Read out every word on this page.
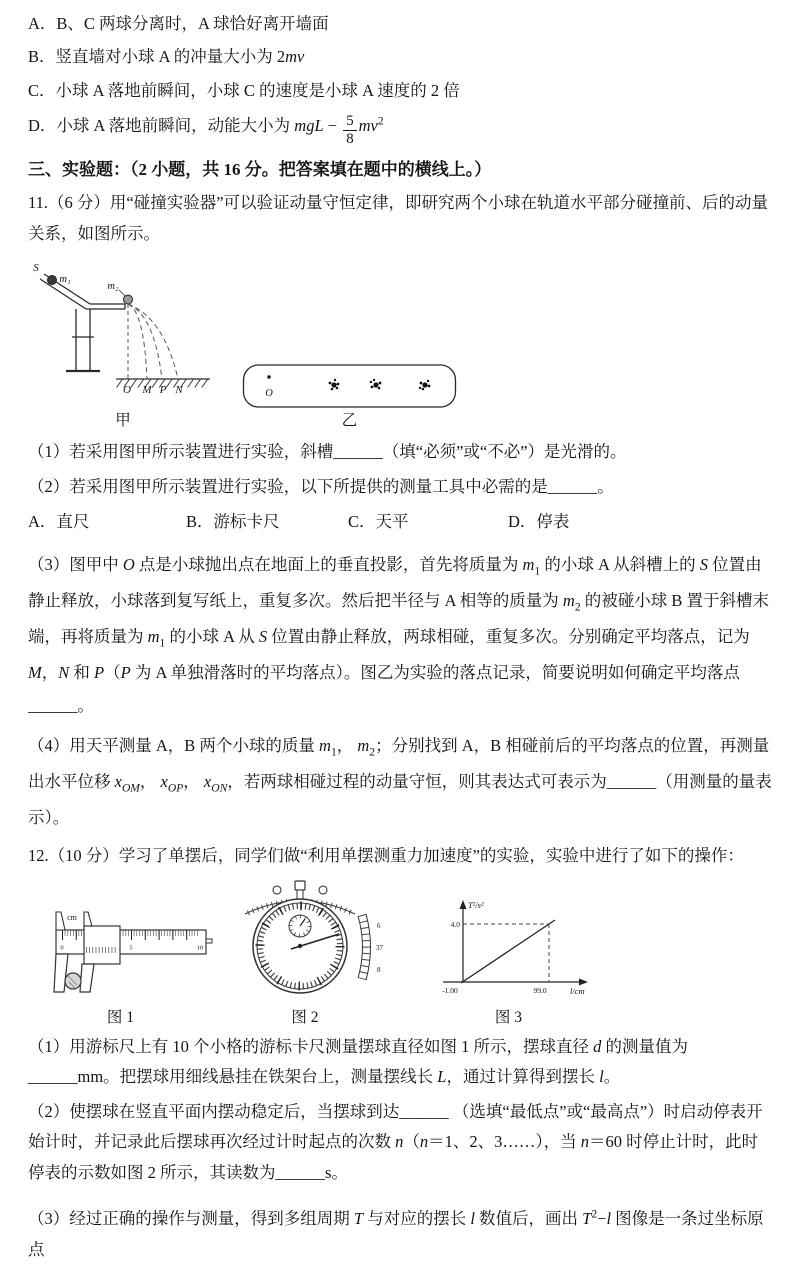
A．B、C 两球分离时，A 球恰好离开墙面

B．竖直墙对小球 A 的冲量大小为 2mv

C．小球 A 落地前瞬间，小球 C 的速度是小球 A 速度的 2 倍

D．小球 A 落地前瞬间，动能大小为 mgL − $\frac{5}{8} mv^2$

三、实验题：（2 小题，共 16 分。把答案填在题中的横线上。）

11.（6 分）用“碰撞实验器”可以验证动量守恒定律，即研究两个小球在轨道水平部分碰撞前、后的动量关系，如图所示。

S
m₁
m₂
O M P N
甲
O
乙

（1）若采用图甲所示装置进行实验，斜槽______（填“必须”或“不必”）是光滑的。

（2）若采用图甲所示装置进行实验，以下所提供的测量工具中必需的是______。

A．直尺	B．游标卡尺	C．天平	D．停表

（3）图甲中 O 点是小球抛出点在地面上的垂直投影，首先将质量为 $m_1$ 的小球 A 从斜槽上的 S 位置由静止释放，小球落到复写纸上，重复多次。然后把半径与 A 相等的质量为 $m_2$ 的被碰小球 B 置于斜槽末端，再将质量为 $m_1$ 的小球 A 从 S 位置由静止释放，两球相碰，重复多次。分别确定平均落点，记为 M，N 和 P（P 为 A 单独滑落时的平均落点）。图乙为实验的落点记录，简要说明如何确定平均落点______。

（4）用天平测量 A，B 两个小球的质量 $m_1$， $m_2$；分别找到 A，B 相碰前后的平均落点的位置，再测量出水平位移 $x_{OM}$， $x_{OP}$， $x_{ON}$，若两球相碰过程的动量守恒，则其表达式可表示为______（用测量的量表示）。

12.（10 分）学习了单摆后，同学们做“利用单摆测重力加速度”的实验，实验中进行了如下的操作：

0	5	10
cm
图 1
6
37
8
图 2
T²/s²
4.0
-1.00	99.0	l/cm
图 3

（1）用游标尺上有 10 个小格的游标卡尺测量摆球直径如图 1 所示，摆球直径 d 的测量值为______mm。把摆球用细线悬挂在铁架台上，测量摆线长 L，通过计算得到摆长 l。

（2）使摆球在竖直平面内摆动稳定后，当摆球到达______ （选填“最低点”或“最高点”）时启动停表开始计时，并记录此后摆球再次经过计时起点的次数 n（n＝1、2、3……），当 n＝60 时停止计时，此时停表的示数如图 2 所示，其读数为______s。

（3）经过正确的操作与测量，得到多组周期 T 与对应的摆长 l 数值后，画出 $T^2-l$ 图像是一条过坐标原点
